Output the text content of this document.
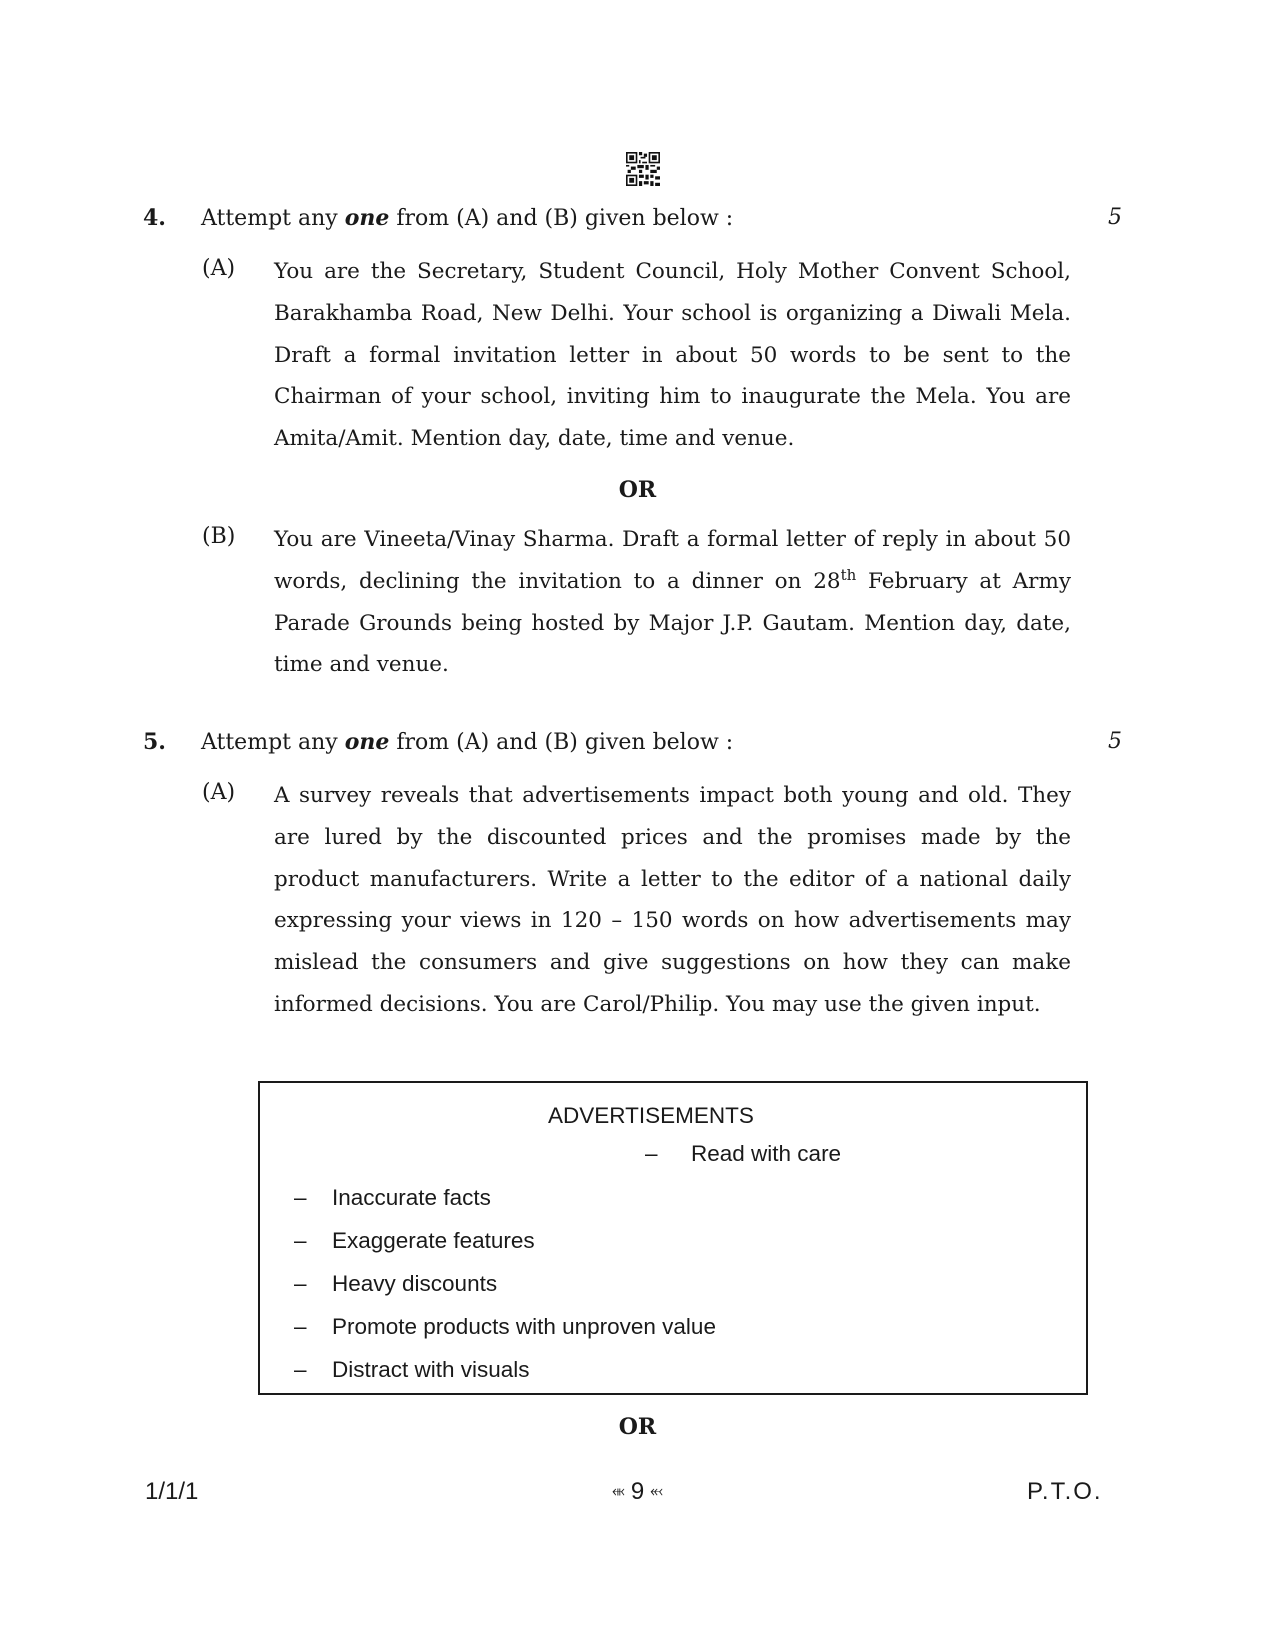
4. Attempt any one from (A) and (B) given below :	5
(A) You are the Secretary, Student Council, Holy Mother Convent School, Barakhamba Road, New Delhi. Your school is organizing a Diwali Mela. Draft a formal invitation letter in about 50 words to be sent to the Chairman of your school, inviting him to inaugurate the Mela. You are Amita/Amit. Mention day, date, time and venue.

OR
(B) You are Vineeta/Vinay Sharma. Draft a formal letter of reply in about 50 words, declining the invitation to a dinner on 28th February at Army Parade Grounds being hosted by Major J.P. Gautam. Mention day, date, time and venue.

5. Attempt any one from (A) and (B) given below :	5
(A) A survey reveals that advertisements impact both young and old. They are lured by the discounted prices and the promises made by the product manufacturers. Write a letter to the editor of a national daily expressing your views in 120 – 150 words on how advertisements may mislead the consumers and give suggestions on how they can make informed decisions. You are Carol/Philip. You may use the given input.

ADVERTISEMENTS
– Read with care
– Inaccurate facts
– Exaggerate features
– Heavy discounts
– Promote products with unproven value
– Distract with visuals
OR
1/1/1	⬺ 9 ⬻	P.T.O.
